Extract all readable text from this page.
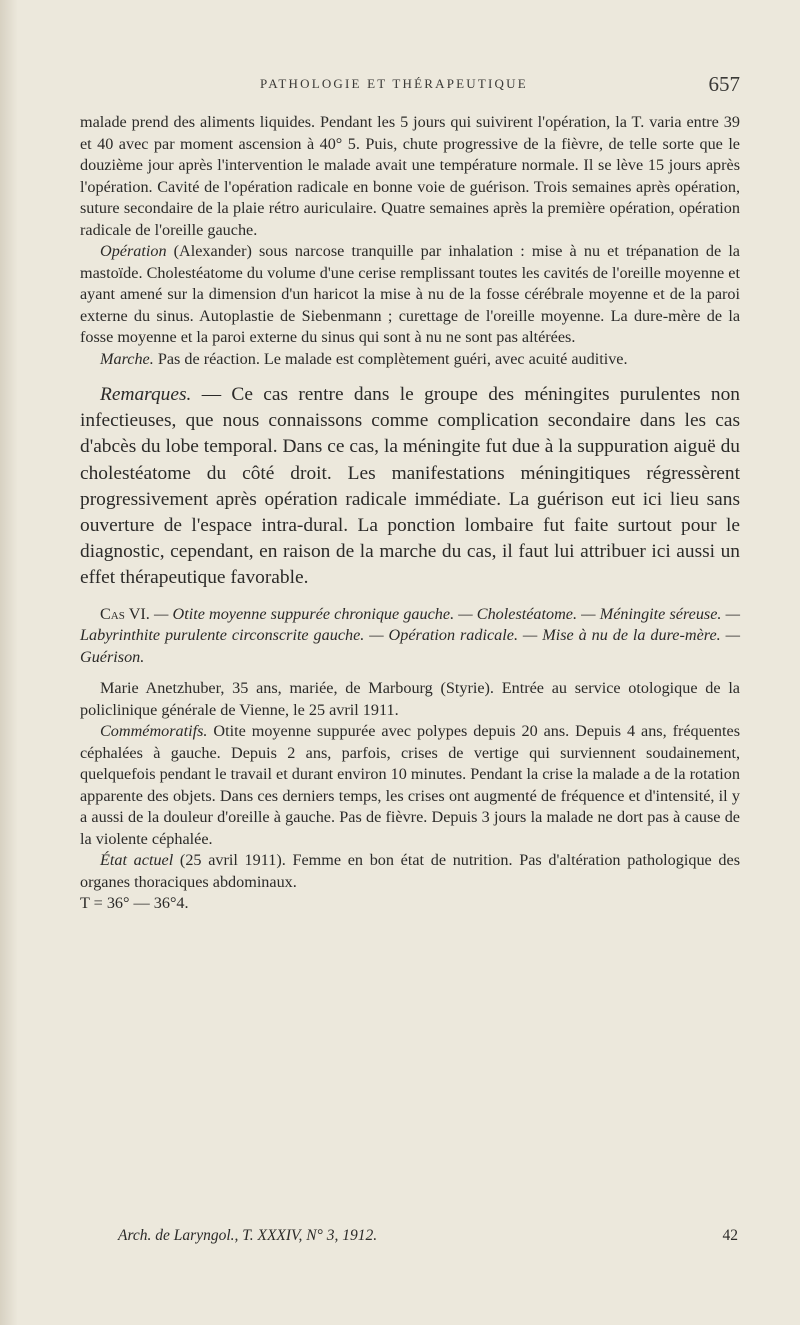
PATHOLOGIE ET THÉRAPEUTIQUE	657

malade prend des aliments liquides. Pendant les 5 jours qui suivirent l'opération, la T. varia entre 39 et 40 avec par moment ascension à 40° 5. Puis, chute progressive de la fièvre, de telle sorte que le douzième jour après l'intervention le malade avait une température normale. Il se lève 15 jours après l'opération. Cavité de l'opération radicale en bonne voie de guérison. Trois semaines après opération, suture secondaire de la plaie rétro auriculaire. Quatre semaines après la première opération, opération radicale de l'oreille gauche.

Opération (Alexander) sous narcose tranquille par inhalation : mise à nu et trépanation de la mastoïde. Cholestéatome du volume d'une cerise remplissant toutes les cavités de l'oreille moyenne et ayant amené sur la dimension d'un haricot la mise à nu de la fosse cérébrale moyenne et de la paroi externe du sinus. Autoplastie de Siebenmann ; curettage de l'oreille moyenne. La dure-mère de la fosse moyenne et la paroi externe du sinus qui sont à nu ne sont pas altérées.

Marche. Pas de réaction. Le malade est complètement guéri, avec acuité auditive.

Remarques. — Ce cas rentre dans le groupe des méningites purulentes non infectieuses, que nous connaissons comme complication secondaire dans les cas d'abcès du lobe temporal. Dans ce cas, la méningite fut due à la suppuration aiguë du cholestéatome du côté droit. Les manifestations méningitiques régressèrent progressivement après opération radicale immédiate. La guérison eut ici lieu sans ouverture de l'espace intra-dural. La ponction lombaire fut faite surtout pour le diagnostic, cependant, en raison de la marche du cas, il faut lui attribuer ici aussi un effet thérapeutique favorable.

Cas VI. — Otite moyenne suppurée chronique gauche. — Cholestéatome. — Méningite séreuse. — Labyrinthite purulente circonscrite gauche. — Opération radicale. — Mise à nu de la dure-mère. — Guérison.

Marie Anetzhuber, 35 ans, mariée, de Marbourg (Styrie). Entrée au service otologique de la policlinique générale de Vienne, le 25 avril 1911.

Commémoratifs. Otite moyenne suppurée avec polypes depuis 20 ans. Depuis 4 ans, fréquentes céphalées à gauche. Depuis 2 ans, parfois, crises de vertige qui surviennent soudainement, quelquefois pendant le travail et durant environ 10 minutes. Pendant la crise la malade a de la rotation apparente des objets. Dans ces derniers temps, les crises ont augmenté de fréquence et d'intensité, il y a aussi de la douleur d'oreille à gauche. Pas de fièvre. Depuis 3 jours la malade ne dort pas à cause de la violente céphalée.

État actuel (25 avril 1911). Femme en bon état de nutrition. Pas d'altération pathologique des organes thoraciques abdominaux.

T = 36° — 36°4.

Arch. de Laryngol., T. XXXIV, N° 3, 1912.	42
